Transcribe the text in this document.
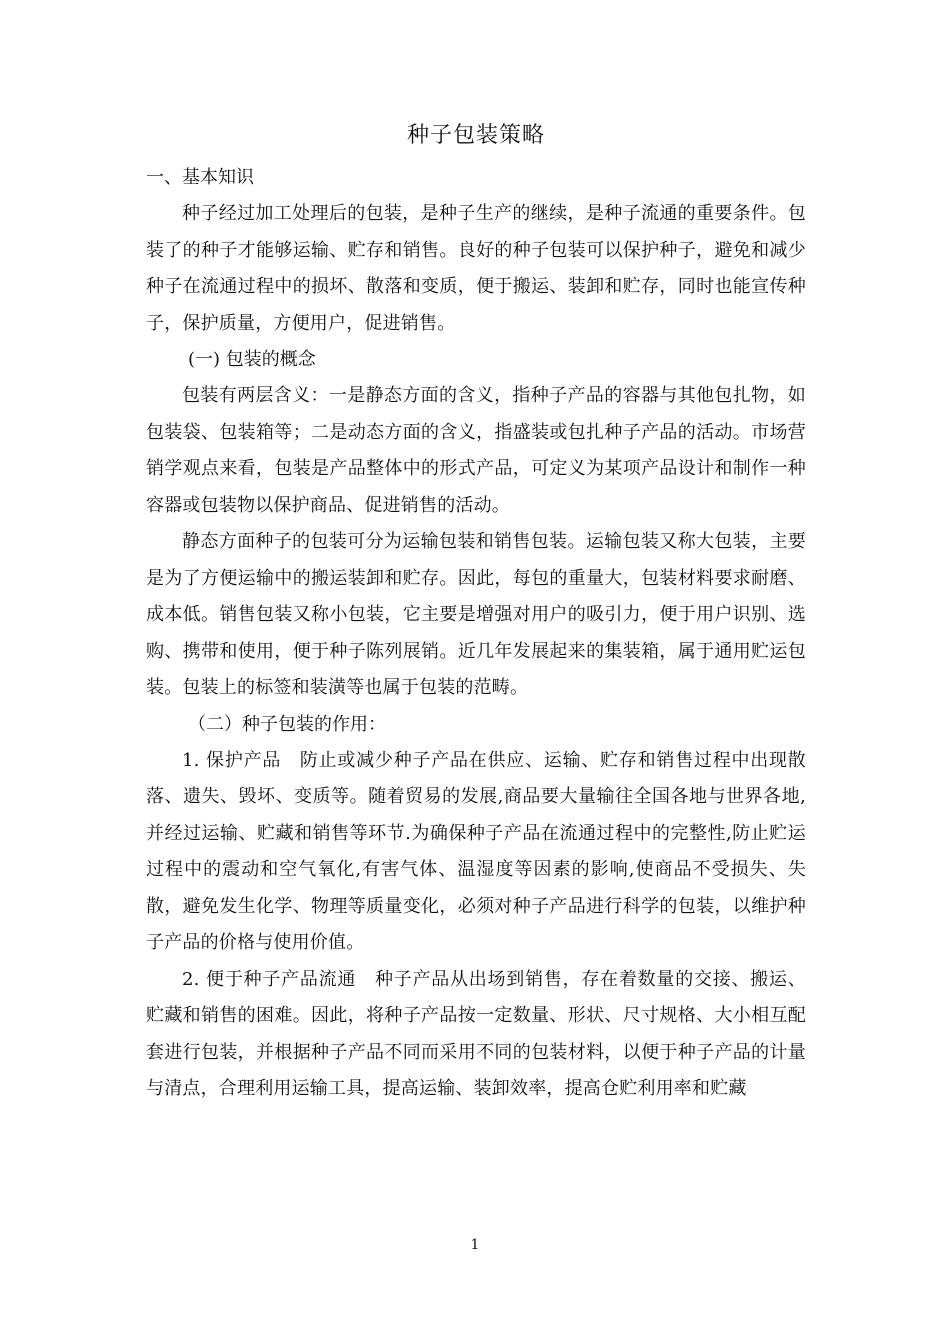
种子包装策略

一、基本知识

种子经过加工处理后的包装，是种子生产的继续，是种子流通的重要条件。包装了的种子才能够运输、贮存和销售。良好的种子包装可以保护种子，避免和减少种子在流通过程中的损坏、散落和变质，便于搬运、装卸和贮存，同时也能宣传种子，保护质量，方便用户，促进销售。

(一) 包装的概念

包装有两层含义：一是静态方面的含义，指种子产品的容器与其他包扎物，如包装袋、包装箱等；二是动态方面的含义，指盛装或包扎种子产品的活动。市场营销学观点来看，包装是产品整体中的形式产品，可定义为某项产品设计和制作一种容器或包装物以保护商品、促进销售的活动。

静态方面种子的包装可分为运输包装和销售包装。运输包装又称大包装，主要是为了方便运输中的搬运装卸和贮存。因此，每包的重量大，包装材料要求耐磨、成本低。销售包装又称小包装，它主要是增强对用户的吸引力，便于用户识别、选购、携带和使用，便于种子陈列展销。近几年发展起来的集装箱，属于通用贮运包装。包装上的标签和装潢等也属于包装的范畴。

（二）种子包装的作用：

1. 保护产品　防止或减少种子产品在供应、运输、贮存和销售过程中出现散落、遗失、毁坏、变质等。随着贸易的发展,商品要大量输往全国各地与世界各地,并经过运输、贮藏和销售等环节.为确保种子产品在流通过程中的完整性,防止贮运过程中的震动和空气氧化,有害气体、温湿度等因素的影响,使商品不受损失、失散，避免发生化学、物理等质量变化，必须对种子产品进行科学的包装，以维护种子产品的价格与使用价值。

2. 便于种子产品流通　种子产品从出场到销售，存在着数量的交接、搬运、贮藏和销售的困难。因此，将种子产品按一定数量、形状、尺寸规格、大小相互配套进行包装，并根据种子产品不同而采用不同的包装材料，以便于种子产品的计量与清点，合理利用运输工具，提高运输、装卸效率，提高仓贮利用率和贮藏

1
